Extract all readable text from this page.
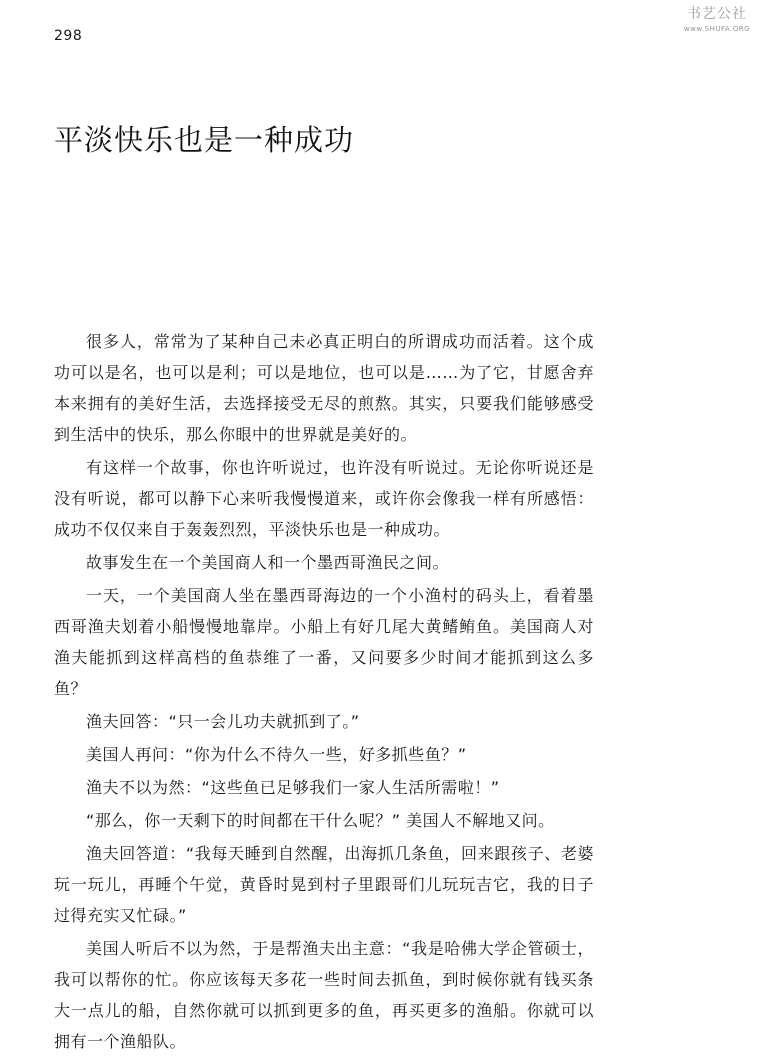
298
书艺公社
www.SHUFA.ORG
平淡快乐也是一种成功

很多人，常常为了某种自己未必真正明白的所谓成功而活着。这个成功可以是名，也可以是利；可以是地位，也可以是……为了它，甘愿舍弃本来拥有的美好生活，去选择接受无尽的煎熬。其实，只要我们能够感受到生活中的快乐，那么你眼中的世界就是美好的。

有这样一个故事，你也许听说过，也许没有听说过。无论你听说还是没有听说，都可以静下心来听我慢慢道来，或许你会像我一样有所感悟：成功不仅仅来自于轰轰烈烈，平淡快乐也是一种成功。

故事发生在一个美国商人和一个墨西哥渔民之间。

一天，一个美国商人坐在墨西哥海边的一个小渔村的码头上，看着墨西哥渔夫划着小船慢慢地靠岸。小船上有好几尾大黄鳍鲔鱼。美国商人对渔夫能抓到这样高档的鱼恭维了一番，又问要多少时间才能抓到这么多鱼？

渔夫回答：“只一会儿功夫就抓到了。”

美国人再问：“你为什么不待久一些，好多抓些鱼？”

渔夫不以为然：“这些鱼已足够我们一家人生活所需啦！”

“那么，你一天剩下的时间都在干什么呢？” 美国人不解地又问。

渔夫回答道：“我每天睡到自然醒，出海抓几条鱼，回来跟孩子、老婆玩一玩儿，再睡个午觉，黄昏时晃到村子里跟哥们儿玩玩吉它，我的日子过得充实又忙碌。”

美国人听后不以为然，于是帮渔夫出主意：“我是哈佛大学企管硕士，我可以帮你的忙。你应该每天多花一些时间去抓鱼，到时候你就有钱买条大一点儿的船，自然你就可以抓到更多的鱼，再买更多的渔船。你就可以拥有一个渔船队。
